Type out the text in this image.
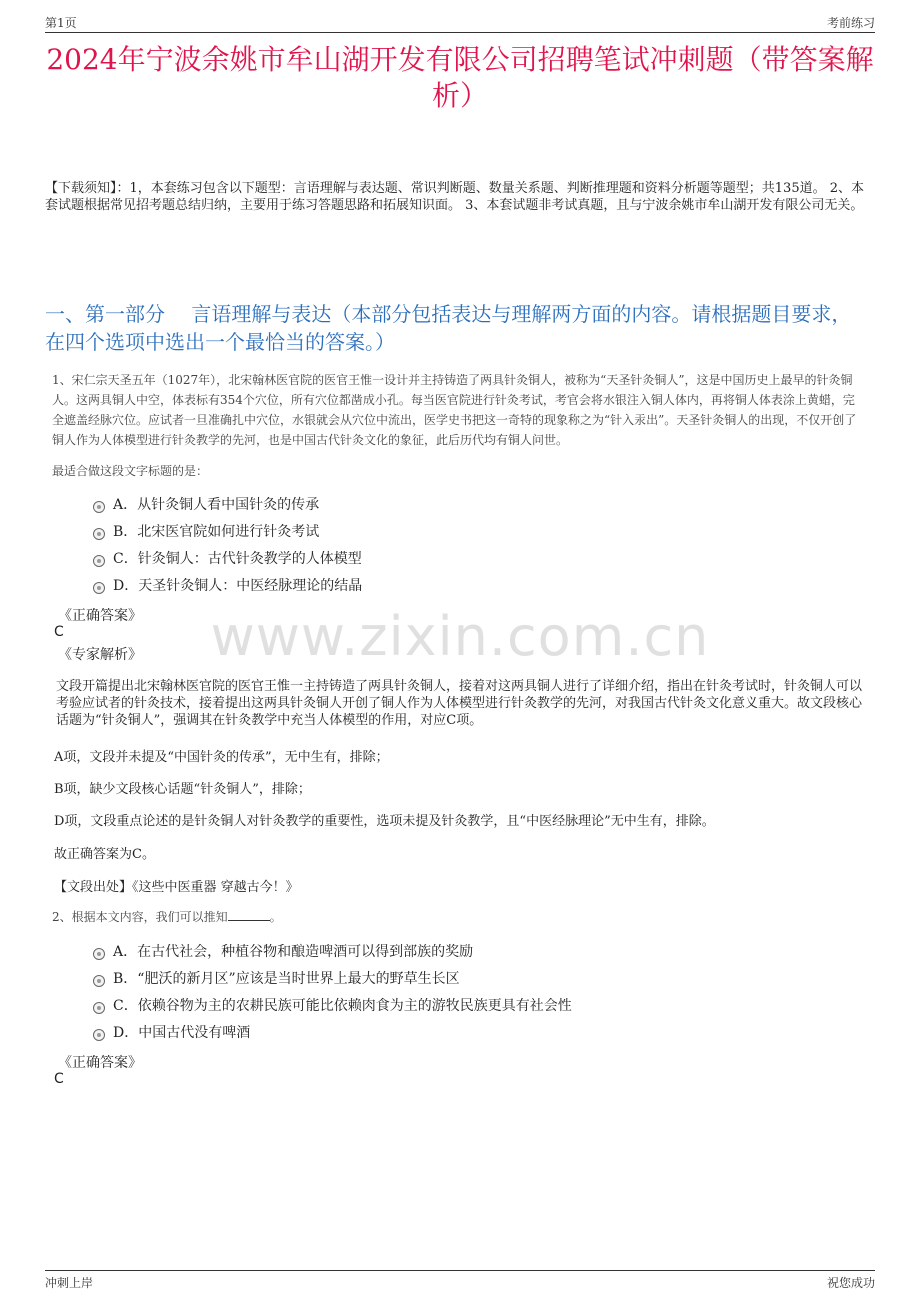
第1页	考前练习
2024年宁波余姚市牟山湖开发有限公司招聘笔试冲刺题（带答案解析）
【下载须知】：1，本套练习包含以下题型：言语理解与表达题、常识判断题、数量关系题、判断推理题和资料分析题等题型；共135道。 2、本套试题根据常见招考题总结归纳，主要用于练习答题思路和拓展知识面。 3、本套试题非考试真题，且与宁波余姚市牟山湖开发有限公司无关。
一、第一部分　 言语理解与表达（本部分包括表达与理解两方面的内容。请根据题目要求，在四个选项中选出一个最恰当的答案。）
1、宋仁宗天圣五年（1027年），北宋翰林医官院的医官王惟一设计并主持铸造了两具针灸铜人，被称为“天圣针灸铜人”，这是中国历史上最早的针灸铜人。这两具铜人中空，体表标有354个穴位，所有穴位都凿成小孔。每当医官院进行针灸考试，考官会将水银注入铜人体内，再将铜人体表涂上黄蜡，完全遮盖经脉穴位。应试者一旦准确扎中穴位，水银就会从穴位中流出，医学史书把这一奇特的现象称之为“针入汞出”。天圣针灸铜人的出现，不仅开创了铜人作为人体模型进行针灸教学的先河，也是中国古代针灸文化的象征，此后历代均有铜人问世。
最适合做这段文字标题的是：
A．从针灸铜人看中国针灸的传承
B．北宋医官院如何进行针灸考试
C．针灸铜人：古代针灸教学的人体模型
D．天圣针灸铜人：中医经脉理论的结晶
《正确答案》
C
《专家解析》
文段开篇提出北宋翰林医官院的医官王惟一主持铸造了两具针灸铜人，接着对这两具铜人进行了详细介绍，指出在针灸考试时，针灸铜人可以考验应试者的针灸技术，接着提出这两具针灸铜人开创了铜人作为人体模型进行针灸教学的先河，对我国古代针灸文化意义重大。故文段核心话题为“针灸铜人”，强调其在针灸教学中充当人体模型的作用，对应C项。
A项，文段并未提及“中国针灸的传承”，无中生有，排除；
B项，缺少文段核心话题“针灸铜人”，排除；
D项，文段重点论述的是针灸铜人对针灸教学的重要性，选项未提及针灸教学，且“中医经脉理论”无中生有，排除。
故正确答案为C。
【文段出处】《这些中医重器 穿越古今！》
2、根据本文内容，我们可以推知	。
A．在古代社会，种植谷物和酿造啤酒可以得到部族的奖励
B．“肥沃的新月区”应该是当时世界上最大的野草生长区
C．依赖谷物为主的农耕民族可能比依赖肉食为主的游牧民族更具有社会性
D．中国古代没有啤酒
《正确答案》
C
www.zixin.com.cn
冲刺上岸	祝您成功
